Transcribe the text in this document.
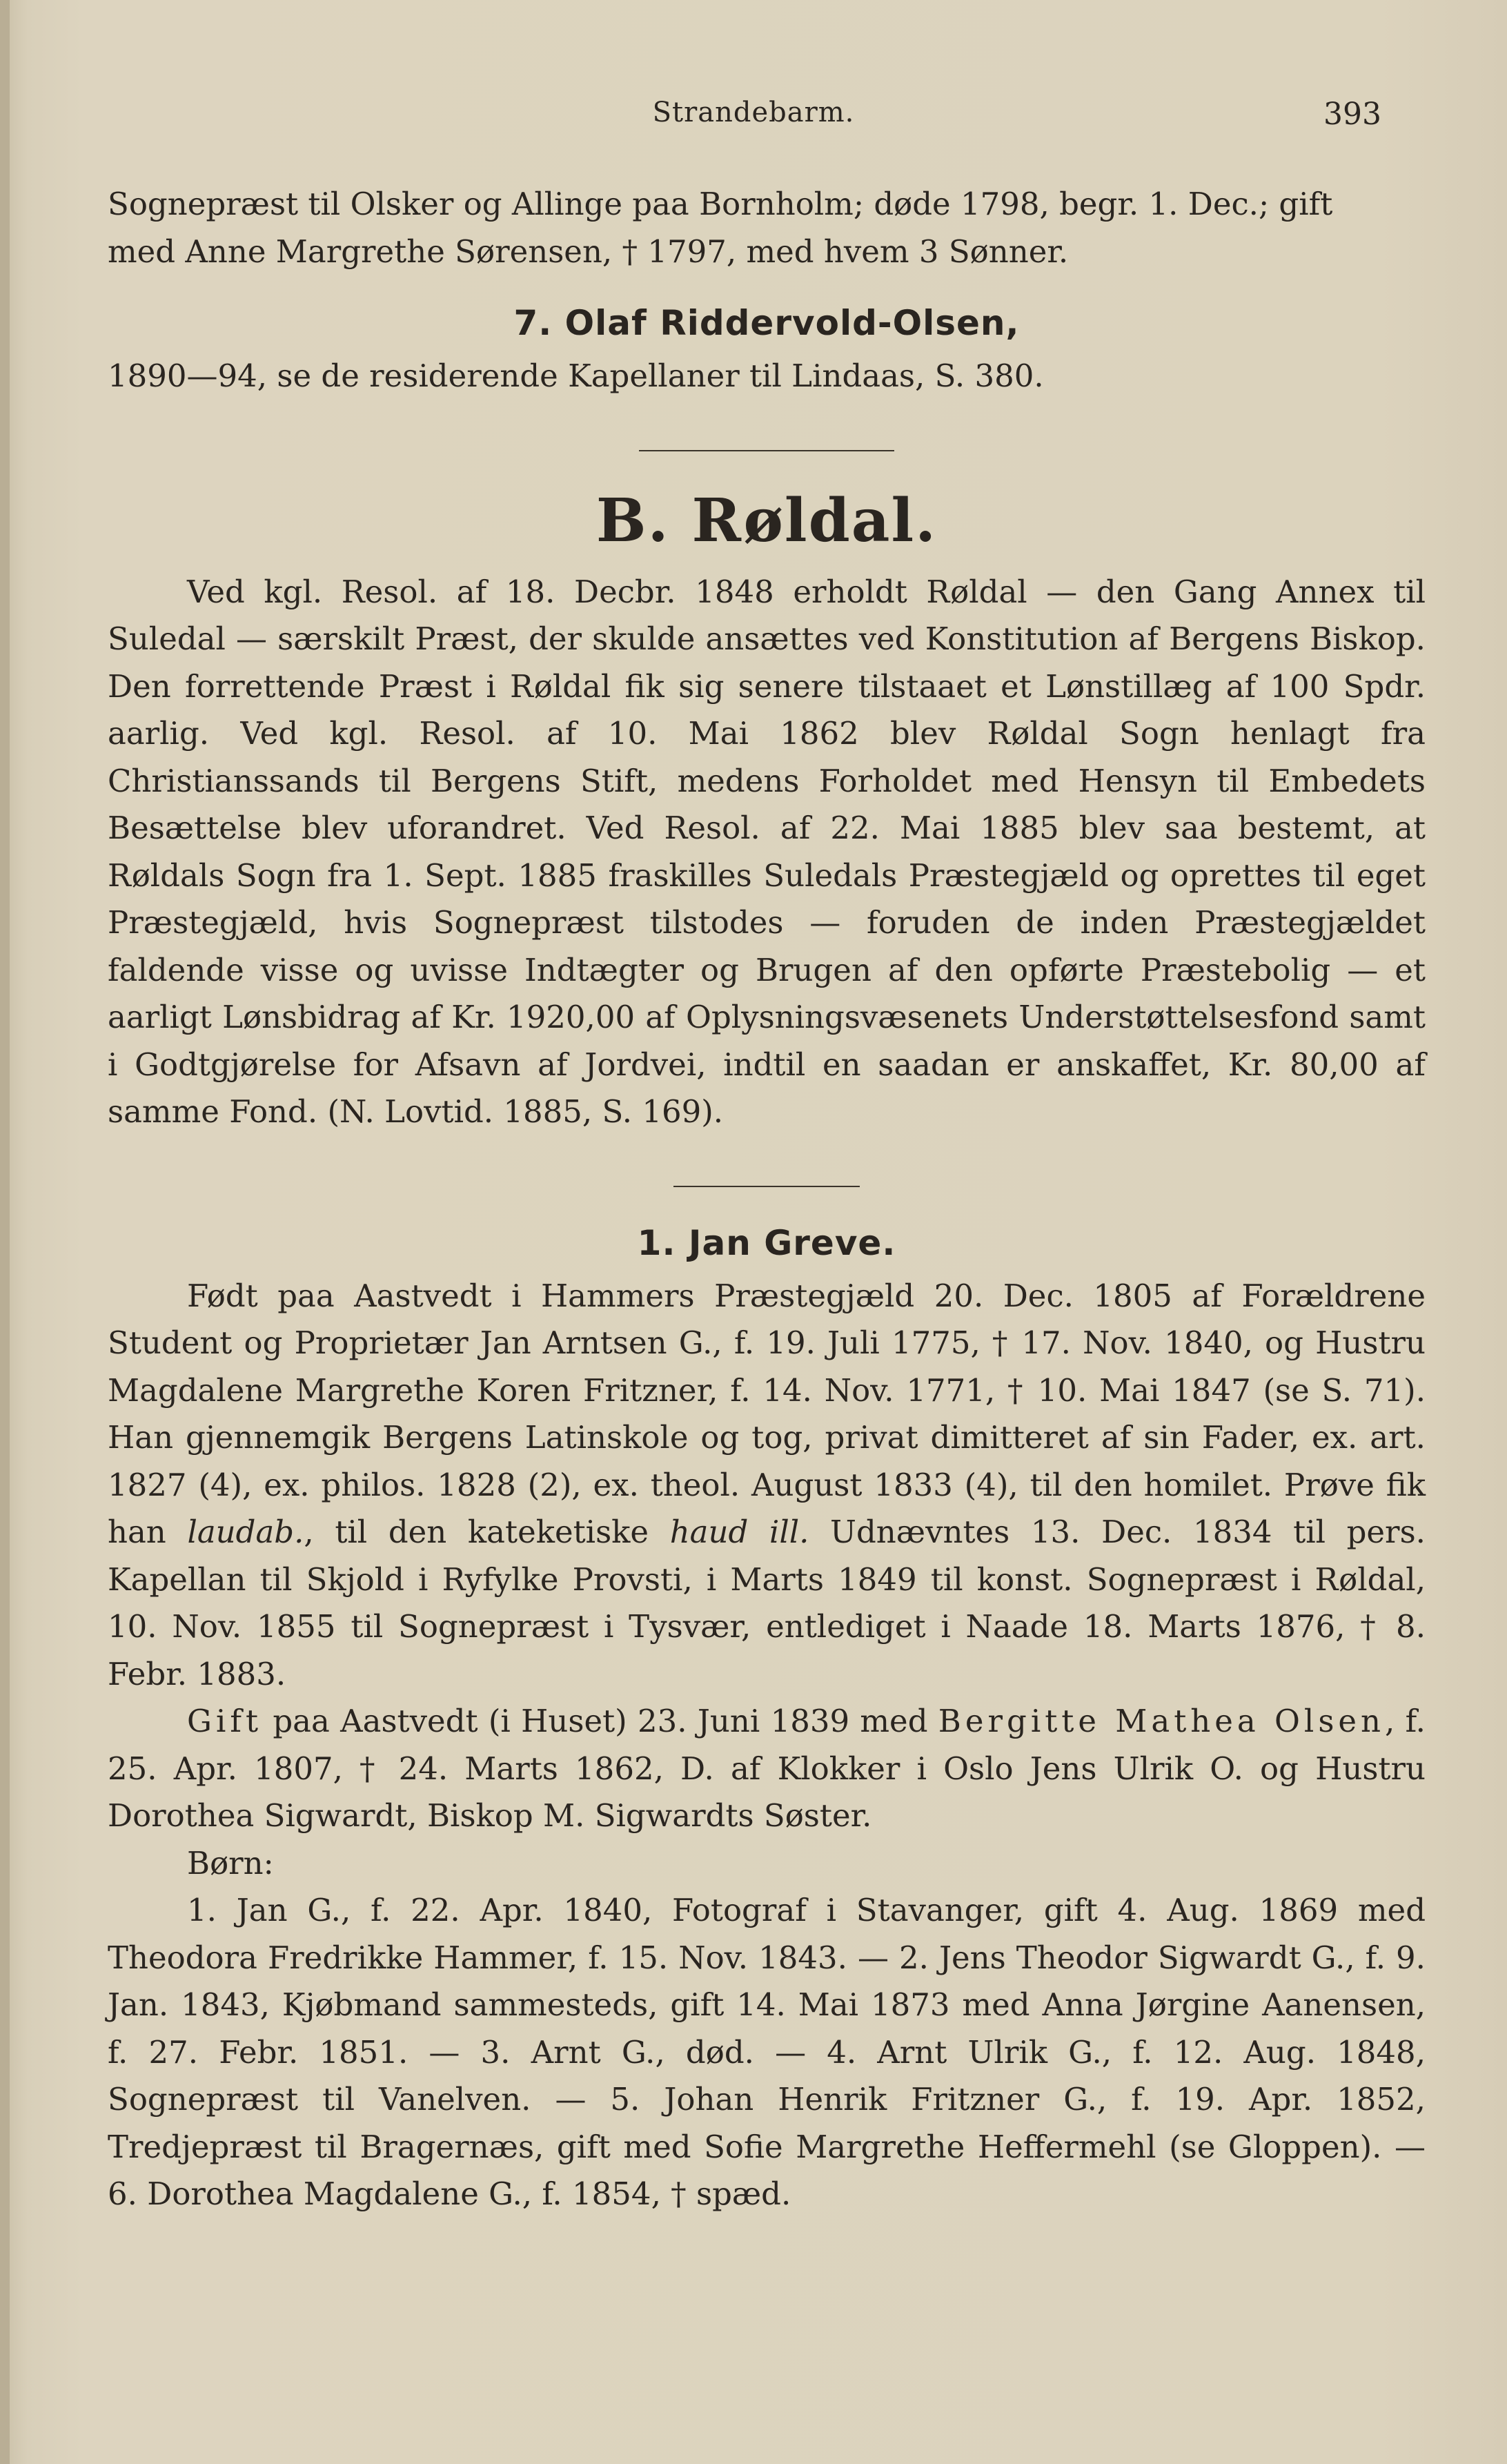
Strandebarm.	393

Sognepræst til Olsker og Allinge paa Bornholm; døde 1798, begr. 1. Dec.; gift
med Anne Margrethe Sørensen, † 1797, med hvem 3 Sønner.

7. Olaf Riddervold-Olsen,

1890—94, se de residerende Kapellaner til Lindaas, S. 380.

B. Røldal.

Ved kgl. Resol. af 18. Decbr. 1848 erholdt Røldal — den Gang Annex til Suledal — særskilt Præst, der skulde ansættes ved Konstitution af Bergens Biskop. Den forrettende Præst i Røldal fik sig senere tilstaaet et Lønstillæg af 100 Spdr. aarlig. Ved kgl. Resol. af 10. Mai 1862 blev Røldal Sogn henlagt fra Christianssands til Bergens Stift, medens Forholdet med Hensyn til Embedets Besættelse blev uforandret. Ved Resol. af 22. Mai 1885 blev saa bestemt, at Røldals Sogn fra 1. Sept. 1885 fraskilles Suledals Præstegjæld og oprettes til eget Præstegjæld, hvis Sognepræst tilstodes — foruden de inden Præstegjældet faldende visse og uvisse Indtægter og Brugen af den opførte Præstebolig — et aarligt Lønsbidrag af Kr. 1920,00 af Oplysningsvæsenets Understøttelsesfond samt i Godtgjørelse for Afsavn af Jordvei, indtil en saadan er anskaffet, Kr. 80,00 af samme Fond. (N. Lovtid. 1885, S. 169).

1. Jan Greve.

Født paa Aastvedt i Hammers Præstegjæld 20. Dec. 1805 af Forældrene Student og Proprietær Jan Arntsen G., f. 19. Juli 1775, † 17. Nov. 1840, og Hustru Magdalene Margrethe Koren Fritzner, f. 14. Nov. 1771, † 10. Mai 1847 (se S. 71). Han gjennemgik Bergens Latinskole og tog, privat dimitteret af sin Fader, ex. art. 1827 (4), ex. philos. 1828 (2), ex. theol. August 1833 (4), til den homilet. Prøve fik han laudab., til den kateketiske haud ill. Udnævntes 13. Dec. 1834 til pers. Kapellan til Skjold i Ryfylke Provsti, i Marts 1849 til konst. Sognepræst i Røldal, 10. Nov. 1855 til Sognepræst i Tysvær, entlediget i Naade 18. Marts 1876, † 8. Febr. 1883.

Gift paa Aastvedt (i Huset) 23. Juni 1839 med Bergitte Mathea Olsen, f. 25. Apr. 1807, † 24. Marts 1862, D. af Klokker i Oslo Jens Ulrik O. og Hustru Dorothea Sigwardt, Biskop M. Sigwardts Søster.

Børn:

1. Jan G., f. 22. Apr. 1840, Fotograf i Stavanger, gift 4. Aug. 1869 med Theodora Fredrikke Hammer, f. 15. Nov. 1843. — 2. Jens Theodor Sigwardt G., f. 9. Jan. 1843, Kjøbmand sammesteds, gift 14. Mai 1873 med Anna Jørgine Aanensen, f. 27. Febr. 1851. — 3. Arnt G., død. — 4. Arnt Ulrik G., f. 12. Aug. 1848, Sognepræst til Vanelven. — 5. Johan Henrik Fritzner G., f. 19. Apr. 1852, Tredjepræst til Bragernæs, gift med Sofie Margrethe Heffermehl (se Gloppen). — 6. Dorothea Magdalene G., f. 1854, † spæd.
